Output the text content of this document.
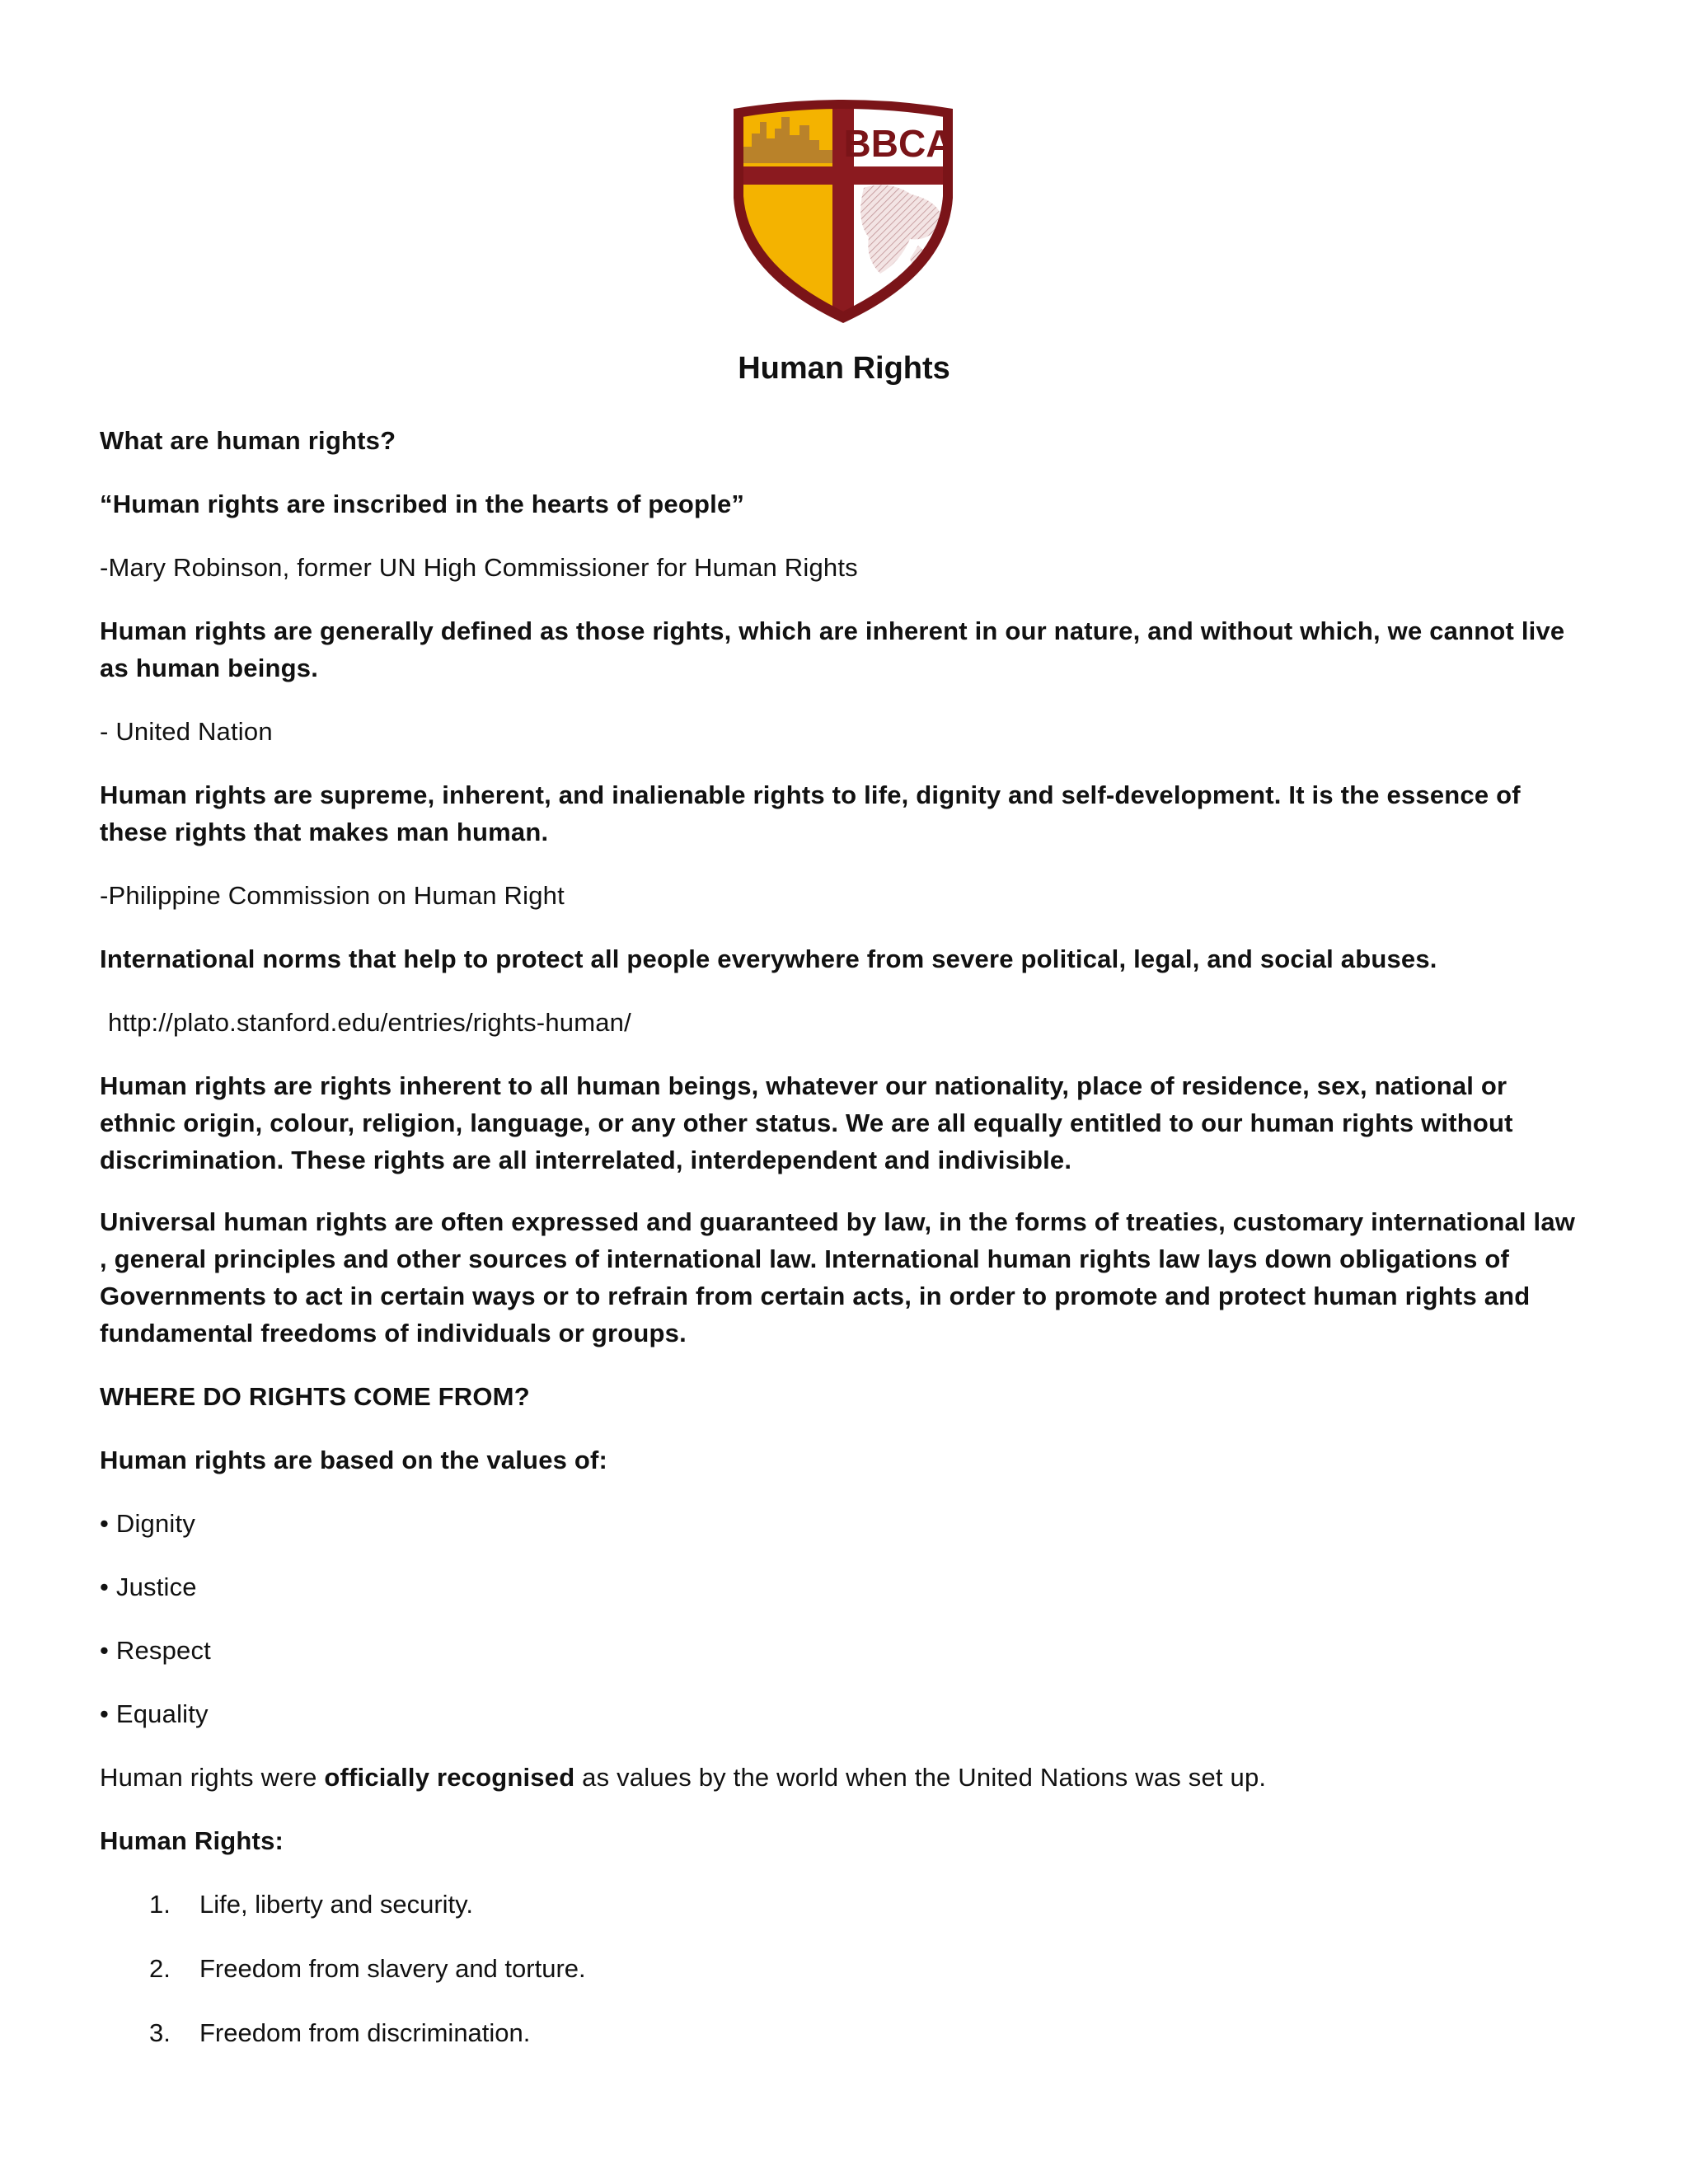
BBCA
Human Rights

What are human rights?

“Human rights are inscribed in the hearts of people”

-Mary Robinson, former UN High Commissioner for Human Rights

Human rights are generally defined as those rights, which are inherent in our nature, and without which, we cannot live as human beings.

- United Nation

Human rights are supreme, inherent, and inalienable rights to life, dignity and self-development. It is the essence of these rights that makes man human.

-Philippine Commission on Human Right

International norms that help to protect all people everywhere from severe political, legal, and social abuses.

http://plato.stanford.edu/entries/rights-human/

Human rights are rights inherent to all human beings, whatever our nationality, place of residence, sex, national or ethnic origin, colour, religion, language, or any other status. We are all equally entitled to our human rights without discrimination. These rights are all interrelated, interdependent and indivisible.

Universal human rights are often expressed and guaranteed by law, in the forms of treaties, customary international law , general principles and other sources of international law. International human rights law lays down obligations of Governments to act in certain ways or to refrain from certain acts, in order to promote and protect human rights and fundamental freedoms of individuals or groups.

WHERE DO RIGHTS COME FROM?

Human rights are based on the values of:

• Dignity

• Justice

• Respect

• Equality

Human rights were officially recognised as values by the world when the United Nations was set up.

Human Rights:

1.	Life, liberty and security.
2.	Freedom from slavery and torture.
3.	Freedom from discrimination.
